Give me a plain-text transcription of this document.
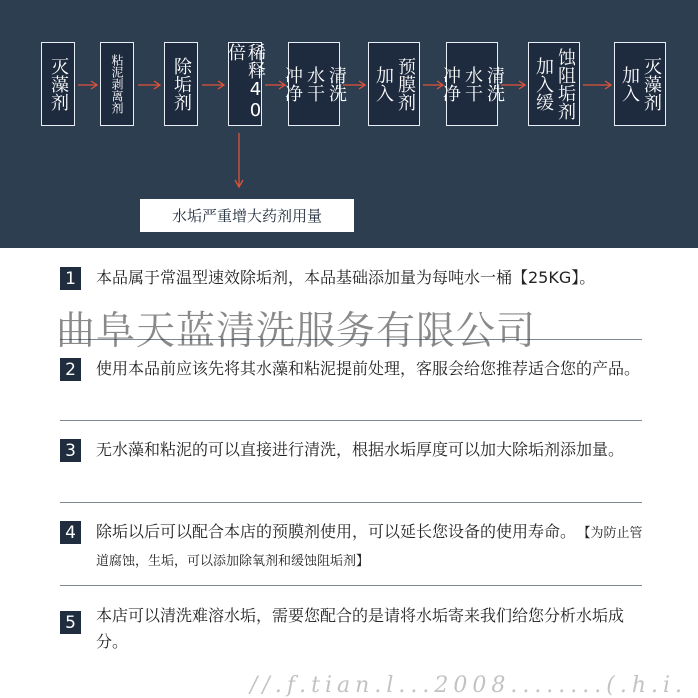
灭藻剂	粘泥剥离剂	除垢剂	稀释40倍
清洗
水干
冲净	预膜剂
加入	清洗
水干
冲净	蚀阻垢剂
加入缓	灭藻剂
加入
水垢严重增大药剂用量
1	本品属于常温型速效除垢剂，本品基础添加量为每吨水一桶【25KG】。
2	使用本品前应该先将其水藻和粘泥提前处理，客服会给您推荐适合您的产品。
3	无水藻和粘泥的可以直接进行清洗，根据水垢厚度可以加大除垢剂添加量。
4	除垢以后可以配合本店的预膜剂使用，可以延长您设备的使用寿命。 【为防止管道腐蚀，生垢，可以添加除氧剂和缓蚀阻垢剂】
5	本店可以清洗难溶水垢，需要您配合的是请将水垢寄来我们给您分析水垢成分。
曲阜天蓝清洗服务有限公司
//.f.tian.l...2008........(.h.i.
